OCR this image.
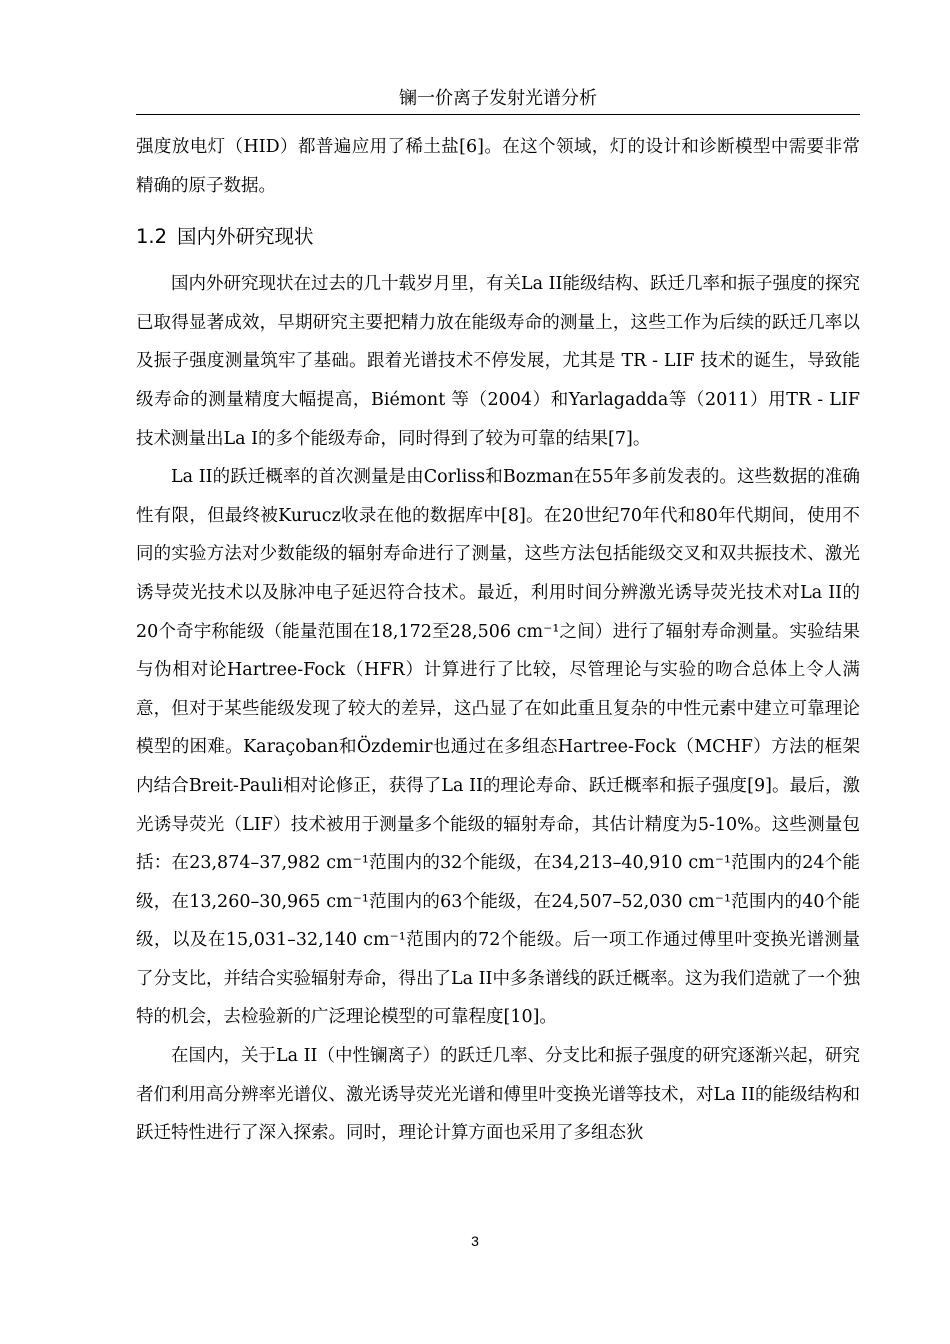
镧一价离子发射光谱分析

强度放电灯（HID）都普遍应用了稀土盐[6]。在这个领域，灯的设计和诊断模型中需要非常精确的原子数据。

1.2 国内外研究现状

国内外研究现状在过去的几十载岁月里，有关La II能级结构、跃迁几率和振子强度的探究已取得显著成效，早期研究主要把精力放在能级寿命的测量上，这些工作为后续的跃迁几率以及振子强度测量筑牢了基础。跟着光谱技术不停发展，尤其是 TR - LIF 技术的诞生，导致能级寿命的测量精度大幅提高，Biémont 等（2004）和Yarlagadda等（2011）用TR - LIF技术测量出La I的多个能级寿命，同时得到了较为可靠的结果[7]。

La II的跃迁概率的首次测量是由Corliss和Bozman在55年多前发表的。这些数据的准确性有限，但最终被Kurucz收录在他的数据库中[8]。在20世纪70年代和80年代期间，使用不同的实验方法对少数能级的辐射寿命进行了测量，这些方法包括能级交叉和双共振技术、激光诱导荧光技术以及脉冲电子延迟符合技术。最近，利用时间分辨激光诱导荧光技术对La II的20个奇宇称能级（能量范围在18,172至28,506 cm⁻¹之间）进行了辐射寿命测量。实验结果与伪相对论Hartree-Fock（HFR）计算进行了比较，尽管理论与实验的吻合总体上令人满意，但对于某些能级发现了较大的差异，这凸显了在如此重且复杂的中性元素中建立可靠理论模型的困难。Karaçoban和Özdemir也通过在多组态Hartree-Fock（MCHF）方法的框架内结合Breit-Pauli相对论修正，获得了La II的理论寿命、跃迁概率和振子强度[9]。最后，激光诱导荧光（LIF）技术被用于测量多个能级的辐射寿命，其估计精度为5-10%。这些测量包括：在23,874–37,982 cm⁻¹范围内的32个能级，在34,213–40,910 cm⁻¹范围内的24个能级，在13,260–30,965 cm⁻¹范围内的63个能级，在24,507–52,030 cm⁻¹范围内的40个能级，以及在15,031–32,140 cm⁻¹范围内的72个能级。后一项工作通过傅里叶变换光谱测量了分支比，并结合实验辐射寿命，得出了La II中多条谱线的跃迁概率。这为我们造就了一个独特的机会，去检验新的广泛理论模型的可靠程度[10]。

在国内，关于La II（中性镧离子）的跃迁几率、分支比和振子强度的研究逐渐兴起，研究者们利用高分辨率光谱仪、激光诱导荧光光谱和傅里叶变换光谱等技术，对La II的能级结构和跃迁特性进行了深入探索。同时，理论计算方面也采用了多组态狄

3
